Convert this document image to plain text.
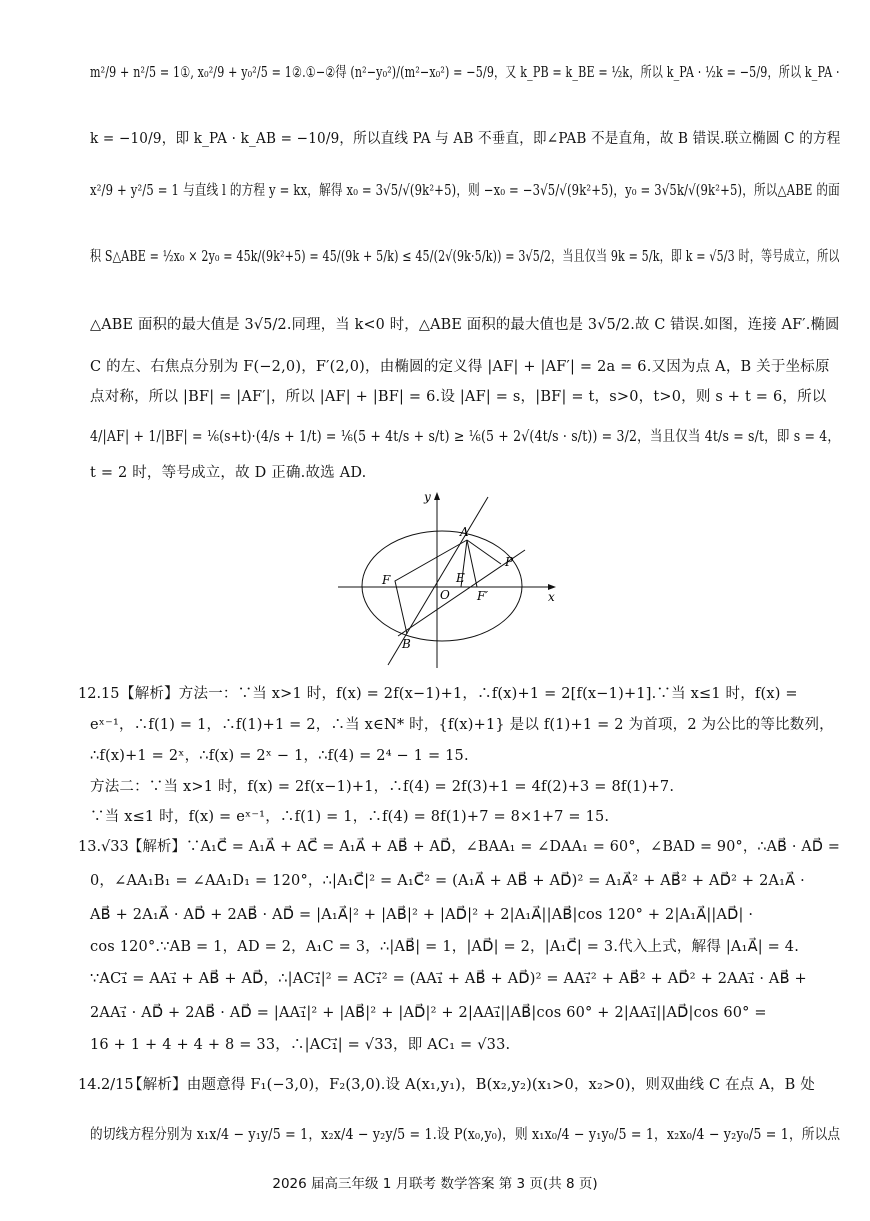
m²/9 + n²/5 = 1①, x₀²/9 + y₀²/5 = 1②.①−②得 (n²−y₀²)/(m²−x₀²) = −5/9，又 k_PB = k_BE = ½k，所以 k_PA · ½k = −5/9，所以 k_PA ·
k = −10/9，即 k_PA · k_AB = −10/9，所以直线 PA 与 AB 不垂直，即∠PAB 不是直角，故 B 错误.联立椭圆 C 的方程
x²/9 + y²/5 = 1 与直线 l 的方程 y = kx，解得 x₀ = 3√5/√(9k²+5)，则 −x₀ = −3√5/√(9k²+5)，y₀ = 3√5k/√(9k²+5)，所以△ABE 的面
积 S△ABE = ½x₀ × 2y₀ = 45k/(9k²+5) = 45/(9k + 5/k) ≤ 45/(2√(9k·5/k)) = 3√5/2，当且仅当 9k = 5/k，即 k = √5/3 时，等号成立，所以
△ABE 面积的最大值是 3√5/2.同理，当 k<0 时，△ABE 面积的最大值也是 3√5/2.故 C 错误.如图，连接 AF′.椭圆
C 的左、右焦点分别为 F(−2,0)，F′(2,0)，由椭圆的定义得 |AF| + |AF′| = 2a = 6.又因为点 A，B 关于坐标原
点对称，所以 |BF| = |AF′|，所以 |AF| + |BF| = 6.设 |AF| = s，|BF| = t，s>0，t>0，则 s + t = 6，所以
4/|AF| + 1/|BF| = ⅙(s+t)·(4/s + 1/t) = ⅙(5 + 4t/s + s/t) ≥ ⅙(5 + 2√(4t/s · s/t)) = 3/2，当且仅当 4t/s = s/t，即 s = 4，
t = 2 时，等号成立，故 D 正确.故选 AD.
x
y
O
A
B
P
F
F′
E
12.15 【解析】方法一：∵当 x>1 时，f(x) = 2f(x−1)+1，∴f(x)+1 = 2[f(x−1)+1].∵当 x≤1 时，f(x) =
eˣ⁻¹，∴f(1) = 1，∴f(1)+1 = 2，∴当 x∈N* 时，{f(x)+1} 是以 f(1)+1 = 2 为首项，2 为公比的等比数列，
∴f(x)+1 = 2ˣ，∴f(x) = 2ˣ − 1，∴f(4) = 2⁴ − 1 = 15.
方法二：∵当 x>1 时，f(x) = 2f(x−1)+1，∴f(4) = 2f(3)+1 = 4f(2)+3 = 8f(1)+7.
∵当 x≤1 时，f(x) = eˣ⁻¹，∴f(1) = 1，∴f(4) = 8f(1)+7 = 8×1+7 = 15.
13.√33 【解析】∵A₁C⃗ = A₁A⃗ + AC⃗ = A₁A⃗ + AB⃗ + AD⃗，∠BAA₁ = ∠DAA₁ = 60°，∠BAD = 90°，∴AB⃗ · AD⃗ =
0，∠AA₁B₁ = ∠AA₁D₁ = 120°，∴|A₁C⃗|² = A₁C⃗² = (A₁A⃗ + AB⃗ + AD⃗)² = A₁A⃗² + AB⃗² + AD⃗² + 2A₁A⃗ ·
AB⃗ + 2A₁A⃗ · AD⃗ + 2AB⃗ · AD⃗ = |A₁A⃗|² + |AB⃗|² + |AD⃗|² + 2|A₁A⃗||AB⃗|cos 120° + 2|A₁A⃗||AD⃗| ·
cos 120°.∵AB = 1，AD = 2，A₁C = 3，∴|AB⃗| = 1，|AD⃗| = 2，|A₁C⃗| = 3.代入上式，解得 |A₁A⃗| = 4.
∵AC₁⃗ = AA₁⃗ + AB⃗ + AD⃗，∴|AC₁⃗|² = AC₁⃗² = (AA₁⃗ + AB⃗ + AD⃗)² = AA₁⃗² + AB⃗² + AD⃗² + 2AA₁⃗ · AB⃗ +
2AA₁⃗ · AD⃗ + 2AB⃗ · AD⃗ = |AA₁⃗|² + |AB⃗|² + |AD⃗|² + 2|AA₁⃗||AB⃗|cos 60° + 2|AA₁⃗||AD⃗|cos 60° =
16 + 1 + 4 + 4 + 8 = 33，∴|AC₁⃗| = √33，即 AC₁ = √33.
14.2/15
【解析】由题意得 F₁(−3,0)，F₂(3,0).设 A(x₁,y₁)，B(x₂,y₂)(x₁>0，x₂>0)，则双曲线 C 在点 A，B 处
的切线方程分别为 x₁x/4 − y₁y/5 = 1，x₂x/4 − y₂y/5 = 1.设 P(x₀,y₀)，则 x₁x₀/4 − y₁y₀/5 = 1，x₂x₀/4 − y₂y₀/5 = 1，所以点
2026 届高三年级 1 月联考 数学答案 第 3 页(共 8 页)
